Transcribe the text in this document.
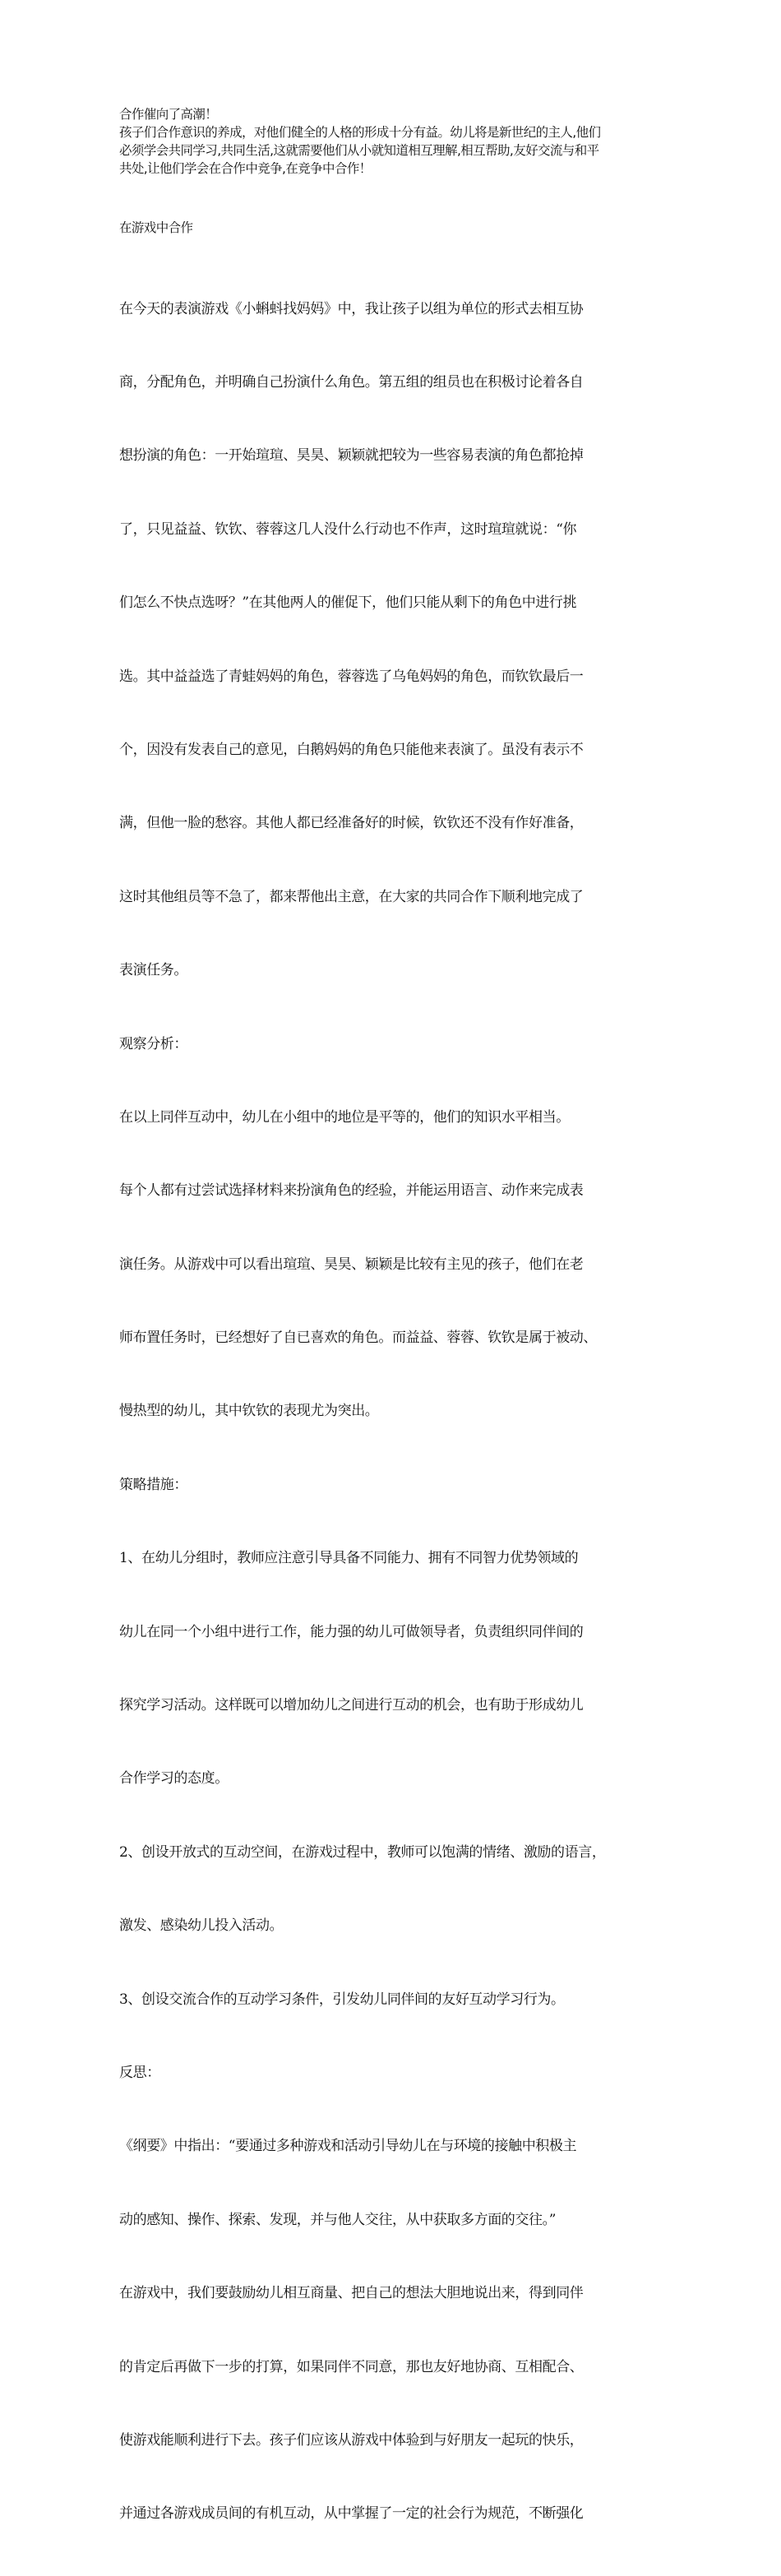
合作催向了高潮！
孩子们合作意识的养成，对他们健全的人格的形成十分有益。幼儿将是新世纪的主人,他们
必须学会共同学习,共同生活,这就需要他们从小就知道相互理解,相互帮助,友好交流与和平
共处,让他们学会在合作中竞争,在竞争中合作！
在游戏中合作

在今天的表演游戏《小蝌蚪找妈妈》中，我让孩子以组为单位的形式去相互协

商，分配角色，并明确自己扮演什么角色。第五组的组员也在积极讨论着各自

想扮演的角色：一开始瑄瑄、昊昊、颖颖就把较为一些容易表演的角色都抢掉

了，只见益益、钦钦、蓉蓉这几人没什么行动也不作声，这时瑄瑄就说：“你

们怎么不快点选呀？”在其他两人的催促下，他们只能从剩下的角色中进行挑

选。其中益益选了青蛙妈妈的角色，蓉蓉选了乌龟妈妈的角色，而钦钦最后一

个，因没有发表自己的意见，白鹅妈妈的角色只能他来表演了。虽没有表示不

满，但他一脸的愁容。其他人都已经准备好的时候，钦钦还不没有作好准备，

这时其他组员等不急了，都来帮他出主意，在大家的共同合作下顺利地完成了

表演任务。

观察分析：

在以上同伴互动中，幼儿在小组中的地位是平等的，他们的知识水平相当。

每个人都有过尝试选择材料来扮演角色的经验，并能运用语言、动作来完成表

演任务。从游戏中可以看出瑄瑄、昊昊、颖颖是比较有主见的孩子，他们在老

师布置任务时，已经想好了自已喜欢的角色。而益益、蓉蓉、钦钦是属于被动、

慢热型的幼儿，其中钦钦的表现尤为突出。

策略措施：

1、在幼儿分组时，教师应注意引导具备不同能力、拥有不同智力优势领域的

幼儿在同一个小组中进行工作，能力强的幼儿可做领导者，负责组织同伴间的

探究学习活动。这样既可以增加幼儿之间进行互动的机会，也有助于形成幼儿

合作学习的态度。

2、创设开放式的互动空间，在游戏过程中，教师可以饱满的情绪、激励的语言，

激发、感染幼儿投入活动。

3、创设交流合作的互动学习条件，引发幼儿同伴间的友好互动学习行为。

反思：

《纲要》中指出：“要通过多种游戏和活动引导幼儿在与环境的接触中积极主

动的感知、操作、探索、发现，并与他人交往，从中获取多方面的交往。”

在游戏中，我们要鼓励幼儿相互商量、把自己的想法大胆地说出来，得到同伴

的肯定后再做下一步的打算，如果同伴不同意，那也友好地协商、互相配合、

使游戏能顺利进行下去。孩子们应该从游戏中体验到与好朋友一起玩的快乐，

并通过各游戏成员间的有机互动，从中掌握了一定的社会行为规范，不断强化
